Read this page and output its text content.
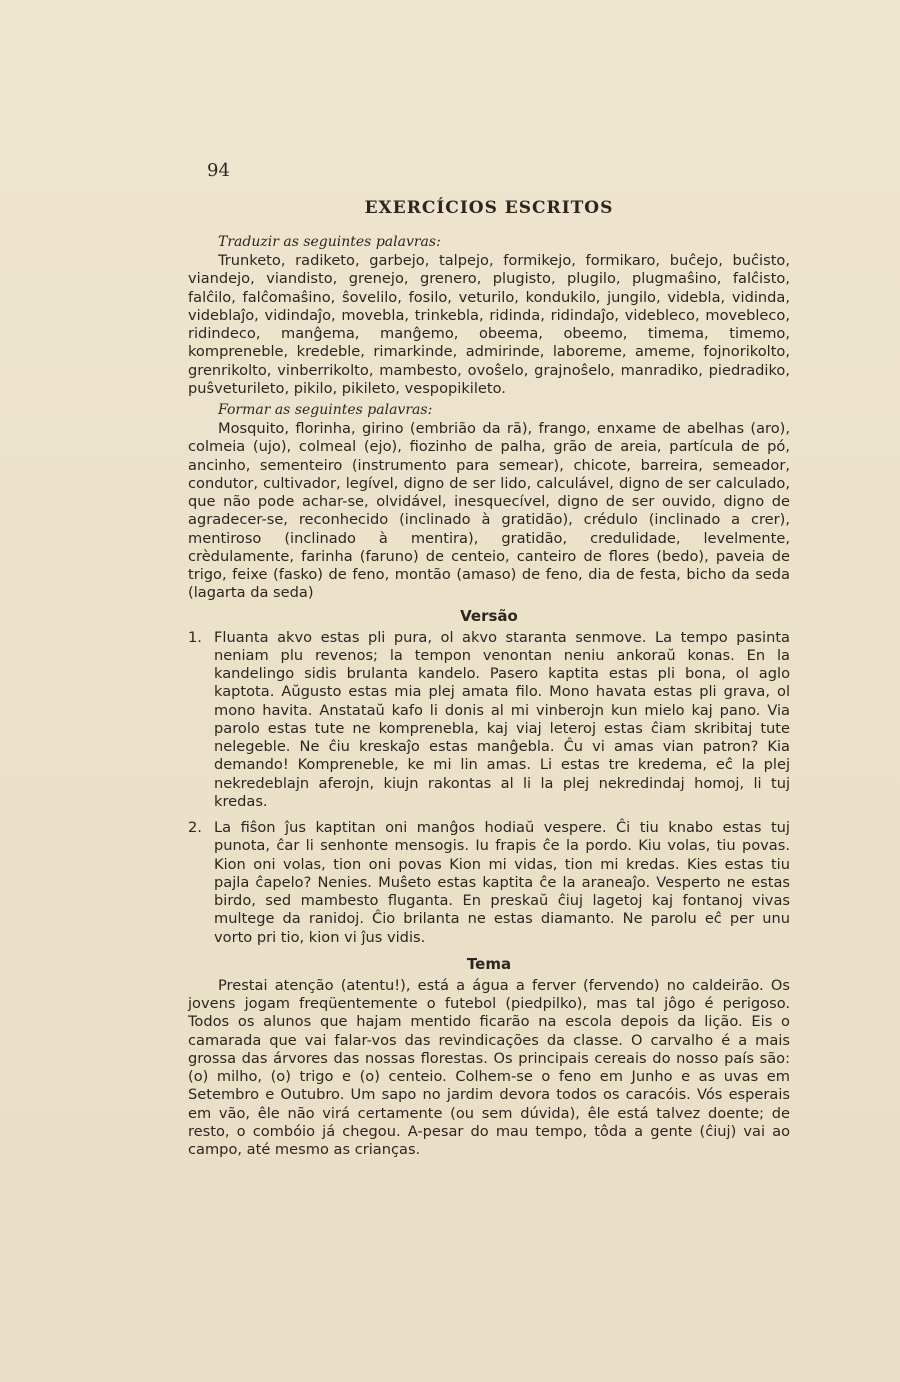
94
EXERCÍCIOS ESCRITOS
Traduzir as seguintes palavras:

Trunketo, radiketo, garbejo, talpejo, formikejo, formikaro, buĉejo, buĉisto, viandejo, viandisto, grenejo, grenero, plugisto, plugilo, plugmaŝino, falĉisto, falĉilo, falĉomaŝino, ŝovelilo, fosilo, veturilo, kondukilo, jungilo, videbla, vidinda, videblaĵo, vidindaĵo, movebla, trinkebla, ridinda, ridindaĵo, videbleco, movebleco, ridindeco, manĝema, manĝemo, obeema, obeemo, timema, timemo, kompreneble, kredeble, rimarkinde, admirinde, laboreme, ameme, fojnorikolto, grenrikolto, vinberrikolto, mambesto, ovoŝelo, grajnoŝelo, manradiko, piedradiko, puŝveturileto, pikilo, pikileto, vespopikileto.

Formar as seguintes palavras:

Mosquito, florinha, girino (embrião da rã), frango, enxame de abelhas (aro), colmeia (ujo), colmeal (ejo), fiozinho de palha, grão de areia, partícula de pó, ancinho, sementeiro (instrumento para semear), chicote, barreira, semeador, condutor, cultivador, legível, digno de ser lido, calculável, digno de ser calculado, que não pode achar-se, olvidável, inesquecível, digno de ser ouvido, digno de agradecer-se, reconhecido (inclinado à gratidão), crédulo (inclinado a crer), mentiroso (inclinado à mentira), gratidão, credulidade, levelmente, crèdulamente, farinha (faruno) de centeio, canteiro de flores (bedo), paveia de trigo, feixe (fasko) de feno, montão (amaso) de feno, dia de festa, bicho da seda (lagarta da seda)

Versão
1. Fluanta akvo estas pli pura, ol akvo staranta senmove. La tempo pasinta neniam plu revenos; la tempon venontan neniu ankoraŭ konas. En la kandelingo sidis brulanta kandelo. Pasero kaptita estas pli bona, ol aglo kaptota. Aŭgusto estas mia plej amata filo. Mono havata estas pli grava, ol mono havita. Anstataŭ kafo li donis al mi vinberojn kun mielo kaj pano. Via parolo estas tute ne komprenebla, kaj viaj leteroj estas ĉiam skribitaj tute nelegeble. Ne ĉiu kreskaĵo estas manĝebla. Ĉu vi amas vian patron? Kia demando! Kompreneble, ke mi lin amas. Li estas tre kredema, eĉ la plej nekredeblajn aferojn, kiujn rakontas al li la plej nekredindaj homoj, li tuj kredas.
2. La fiŝon ĵus kaptitan oni manĝos hodiaŭ vespere. Ĉi tiu knabo estas tuj punota, ĉar li senhonte mensogis. Iu frapis ĉe la pordo. Kiu volas, tiu povas. Kion oni volas, tion oni povas Kion mi vidas, tion mi kredas. Kies estas tiu pajla ĉapelo? Nenies. Muŝeto estas kaptita ĉe la araneaĵo. Vesperto ne estas birdo, sed mambesto fluganta. En preskaŭ ĉiuj lagetoj kaj fontanoj vivas multege da ranidoj. Ĉio brilanta ne estas diamanto. Ne parolu eĉ per unu vorto pri tio, kion vi ĵus vidis.
Tema

Prestai atenção (atentu!), está a água a ferver (fervendo) no caldeirão. Os jovens jogam freqüentemente o futebol (piedpilko), mas tal jôgo é perigoso. Todos os alunos que hajam mentido ficarão na escola depois da lição. Eis o camarada que vai falar-vos das revindicações da classe. O carvalho é a mais grossa das árvores das nossas florestas. Os principais cereais do nosso país são: (o) milho, (o) trigo e (o) centeio. Colhem-se o feno em Junho e as uvas em Setembro e Outubro. Um sapo no jardim devora todos os caracóis. Vós esperais em vão, êle não virá certamente (ou sem dúvida), êle está talvez doente; de resto, o combóio já chegou. A-pesar do mau tempo, tôda a gente (ĉiuj) vai ao campo, até mesmo as crianças.
